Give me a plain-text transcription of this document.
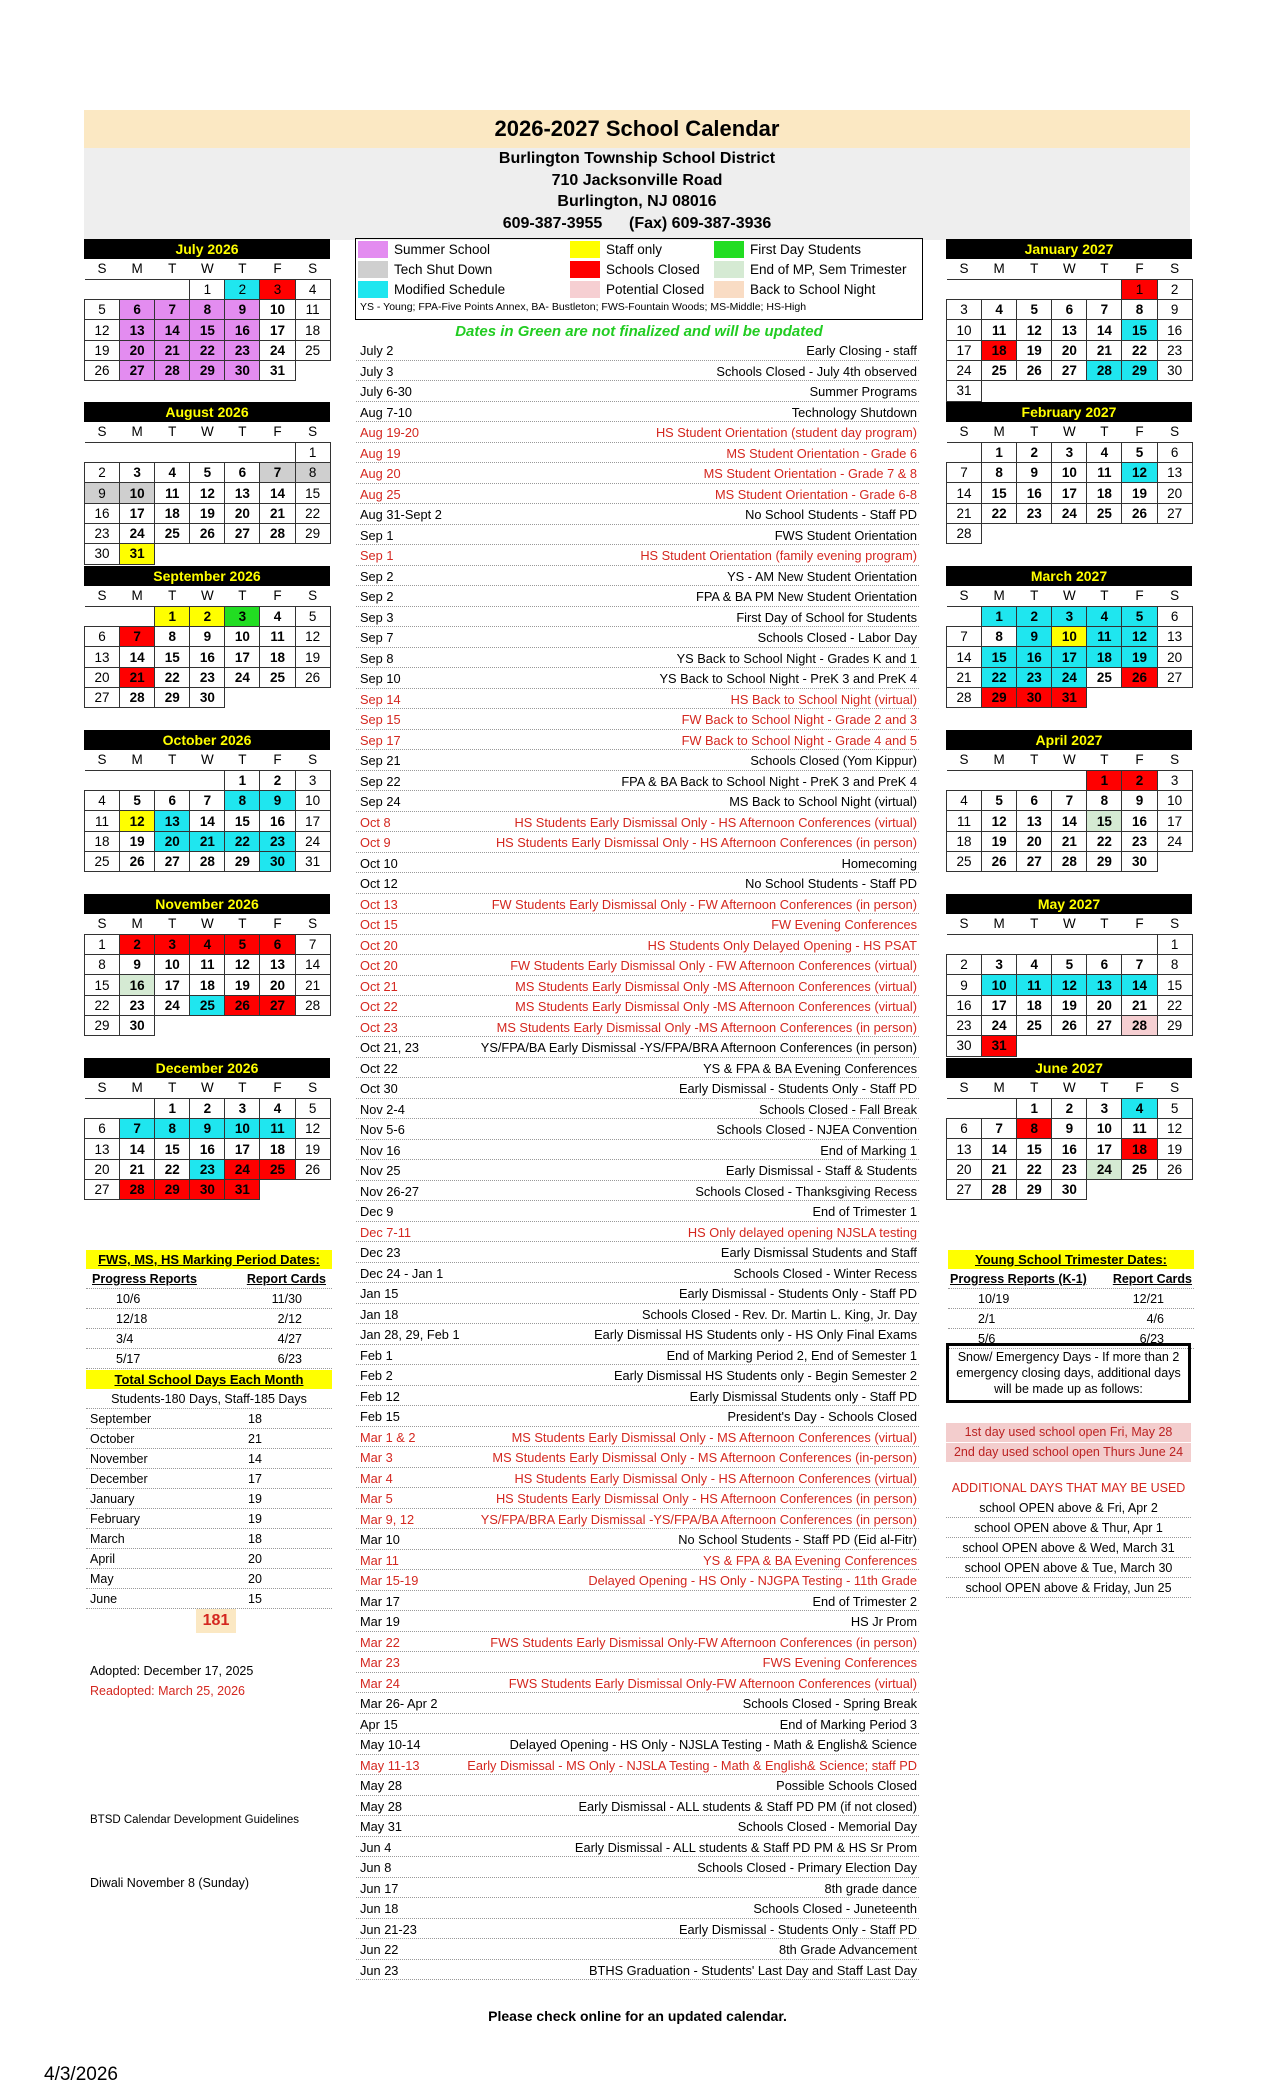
2026-2027 School Calendar
Burlington Township School District
710 Jacksonville Road
Burlington, NJ 08016
609-387-3955      (Fax) 609-387-3936
Summer School
Tech Shut Down
Modified Schedule
Staff only
Schools Closed
Potential Closed
First Day Students
End of MP, Sem Trimester
Back to School Night
YS - Young; FPA-Five Points Annex, BA- Bustleton; FWS-Fountain Woods; MS-Middle; HS-High
Dates in Green are not finalized and will be updated
July 2	Early Closing - staff
July 3	Schools Closed - July 4th observed
July 6-30	Summer Programs
Aug 7-10	Technology Shutdown
Aug 19-20	HS Student Orientation (student day program)
Aug 19	MS Student Orientation - Grade 6
Aug 20	MS Student Orientation - Grade 7 & 8
Aug 25	MS Student Orientation - Grade 6-8
Aug 31-Sept 2	No School Students - Staff PD
Sep 1	FWS Student Orientation
Sep 1	HS Student Orientation (family evening program)
Sep 2	YS - AM New Student Orientation
Sep 2	FPA & BA PM New Student Orientation
Sep 3	First Day of School for Students
Sep 7	Schools Closed - Labor Day
Sep 8	YS Back to School Night - Grades K and 1
Sep 10	YS Back to School Night - PreK 3 and PreK 4
Sep 14	HS Back to School Night (virtual)
Sep 15	FW Back to School Night - Grade 2 and 3
Sep 17	FW Back to School Night - Grade 4 and 5
Sep 21	Schools Closed (Yom Kippur)
Sep 22	FPA & BA Back to School Night - PreK 3 and PreK 4
Sep 24	MS Back to School Night (virtual)
Oct 8	HS Students Early Dismissal Only - HS Afternoon Conferences (virtual)
Oct 9	HS Students Early Dismissal Only - HS Afternoon Conferences (in person)
Oct 10	Homecoming
Oct 12	No School Students - Staff PD
Oct 13	FW Students Early Dismissal Only - FW Afternoon Conferences (in person)
Oct 15	FW Evening Conferences
Oct 20	HS Students Only Delayed Opening - HS PSAT
Oct 20	FW Students Early Dismissal Only - FW Afternoon Conferences (virtual)
Oct 21	MS Students Early Dismissal Only -MS Afternoon Conferences (virtual)
Oct 22	MS Students Early Dismissal Only -MS Afternoon Conferences (virtual)
Oct 23	MS Students Early Dismissal Only -MS Afternoon Conferences (in person)
Oct 21, 23	YS/FPA/BA Early Dismissal -YS/FPA/BRA Afternoon Conferences (in person)
Oct 22	YS & FPA & BA Evening Conferences
Oct 30	Early Dismissal - Students Only - Staff PD
Nov 2-4	Schools Closed - Fall Break
Nov 5-6	Schools Closed - NJEA Convention
Nov 16	End of Marking 1
Nov 25	Early Dismissal - Staff & Students
Nov 26-27	Schools Closed - Thanksgiving Recess
Dec 9	End of Trimester 1
Dec 7-11	HS Only delayed opening NJSLA testing
Dec 23	Early Dismissal Students and Staff
Dec 24 - Jan 1	Schools Closed - Winter Recess
Jan 15	Early Dismissal - Students Only - Staff PD
Jan 18	Schools Closed - Rev. Dr. Martin L. King, Jr. Day
Jan 28, 29, Feb 1	Early Dismissal HS Students only - HS Only Final Exams
Feb 1	End of Marking Period 2, End of Semester 1
Feb 2	Early Dismissal HS Students only - Begin Semester 2
Feb 12	Early Dismissal Students only - Staff PD
Feb 15	President's Day - Schools Closed
Mar 1 & 2	MS Students Early Dismissal Only - MS Afternoon Conferences (virtual)
Mar 3	MS Students Early Dismissal Only - MS Afternoon Conferences (in-person)
Mar 4	HS Students Early Dismissal Only - HS Afternoon Conferences (virtual)
Mar 5	HS Students Early Dismissal Only - HS Afternoon Conferences (in person)
Mar 9, 12	YS/FPA/BRA Early Dismissal -YS/FPA/BA Afternoon Conferences (in person)
Mar 10	No School Students - Staff PD (Eid al-Fitr)
Mar 11	YS & FPA & BA Evening Conferences
Mar 15-19	Delayed Opening - HS Only - NJGPA Testing - 11th Grade
Mar 17	End of Trimester 2
Mar 19	HS Jr Prom
Mar 22	FWS Students Early Dismissal Only-FW Afternoon Conferences (in person)
Mar 23	FWS Evening Conferences
Mar 24	FWS Students Early Dismissal Only-FW Afternoon Conferences (virtual)
Mar 26- Apr 2	Schools Closed - Spring Break
Apr 15	End of Marking Period 3
May 10-14	Delayed Opening - HS Only - NJSLA Testing - Math & English& Science
May 11-13	Early Dismissal - MS Only - NJSLA Testing - Math & English& Science; staff PD
May 28	Possible Schools Closed
May 28	Early Dismissal - ALL students & Staff PD PM (if not closed)
May 31	Schools Closed - Memorial Day
Jun 4	Early Dismissal - ALL students & Staff PD PM & HS Sr Prom
Jun 8	Schools Closed - Primary Election Day
Jun 17	8th grade dance
Jun 18	Schools Closed - Juneteenth
Jun 21-23	Early Dismissal - Students Only - Staff PD
Jun 22	8th Grade Advancement
Jun 23	BTHS Graduation - Students' Last Day and Staff Last Day
Please check online for an updated calendar.
July 2026
S	M	T	W	T	F	S
			1	2	3	4
5	6	7	8	9	10	11
12	13	14	15	16	17	18
19	20	21	22	23	24	25
26	27	28	29	30	31	
August 2026
S	M	T	W	T	F	S
						1
2	3	4	5	6	7	8
9	10	11	12	13	14	15
16	17	18	19	20	21	22
23	24	25	26	27	28	29
30	31					
September 2026
S	M	T	W	T	F	S
		1	2	3	4	5
6	7	8	9	10	11	12
13	14	15	16	17	18	19
20	21	22	23	24	25	26
27	28	29	30			
October 2026
S	M	T	W	T	F	S
				1	2	3
4	5	6	7	8	9	10
11	12	13	14	15	16	17
18	19	20	21	22	23	24
25	26	27	28	29	30	31
November 2026
S	M	T	W	T	F	S
1	2	3	4	5	6	7
8	9	10	11	12	13	14
15	16	17	18	19	20	21
22	23	24	25	26	27	28
29	30					
December 2026
S	M	T	W	T	F	S
		1	2	3	4	5
6	7	8	9	10	11	12
13	14	15	16	17	18	19
20	21	22	23	24	25	26
27	28	29	30	31		
January 2027
S	M	T	W	T	F	S
					1	2
3	4	5	6	7	8	9
10	11	12	13	14	15	16
17	18	19	20	21	22	23
24	25	26	27	28	29	30
31						
February 2027
S	M	T	W	T	F	S
	1	2	3	4	5	6
7	8	9	10	11	12	13
14	15	16	17	18	19	20
21	22	23	24	25	26	27
28						
March 2027
S	M	T	W	T	F	S
	1	2	3	4	5	6
7	8	9	10	11	12	13
14	15	16	17	18	19	20
21	22	23	24	25	26	27
28	29	30	31			
April 2027
S	M	T	W	T	F	S
				1	2	3
4	5	6	7	8	9	10
11	12	13	14	15	16	17
18	19	20	21	22	23	24
25	26	27	28	29	30	
May 2027
S	M	T	W	T	F	S
						1
2	3	4	5	6	7	8
9	10	11	12	13	14	15
16	17	18	19	20	21	22
23	24	25	26	27	28	29
30	31					
June 2027
S	M	T	W	T	F	S
		1	2	3	4	5
6	7	8	9	10	11	12
13	14	15	16	17	18	19
20	21	22	23	24	25	26
27	28	29	30			
FWS, MS, HS Marking Period Dates:
Progress Reports	Report Cards
10/6	11/30
12/18	2/12
3/4	4/27
5/17	6/23
Total School Days Each Month
Students-180 Days, Staff-185 Days
September	18
October	21
November	14
December	17
January	19
February	19
March	18
April	20
May	20
June	15
181
Adopted: December 17, 2025
Readopted: March 25, 2026
BTSD Calendar Development Guidelines
Diwali November 8 (Sunday)
Young School Trimester Dates:
Progress Reports (K-1) Report Cards
10/19	12/21
2/1	4/6
5/6	6/23
Snow/ Emergency Days - If more than 2 emergency closing days, additional days will be made up as follows:
1st day used school open Fri, May 28
2nd day used school open Thurs June 24
ADDITIONAL DAYS THAT MAY BE USED
school OPEN above & Fri, Apr 2
school OPEN above & Thur, Apr 1
school OPEN above & Wed, March 31
school OPEN above & Tue, March 30
school OPEN above & Friday, Jun 25
4/3/2026
